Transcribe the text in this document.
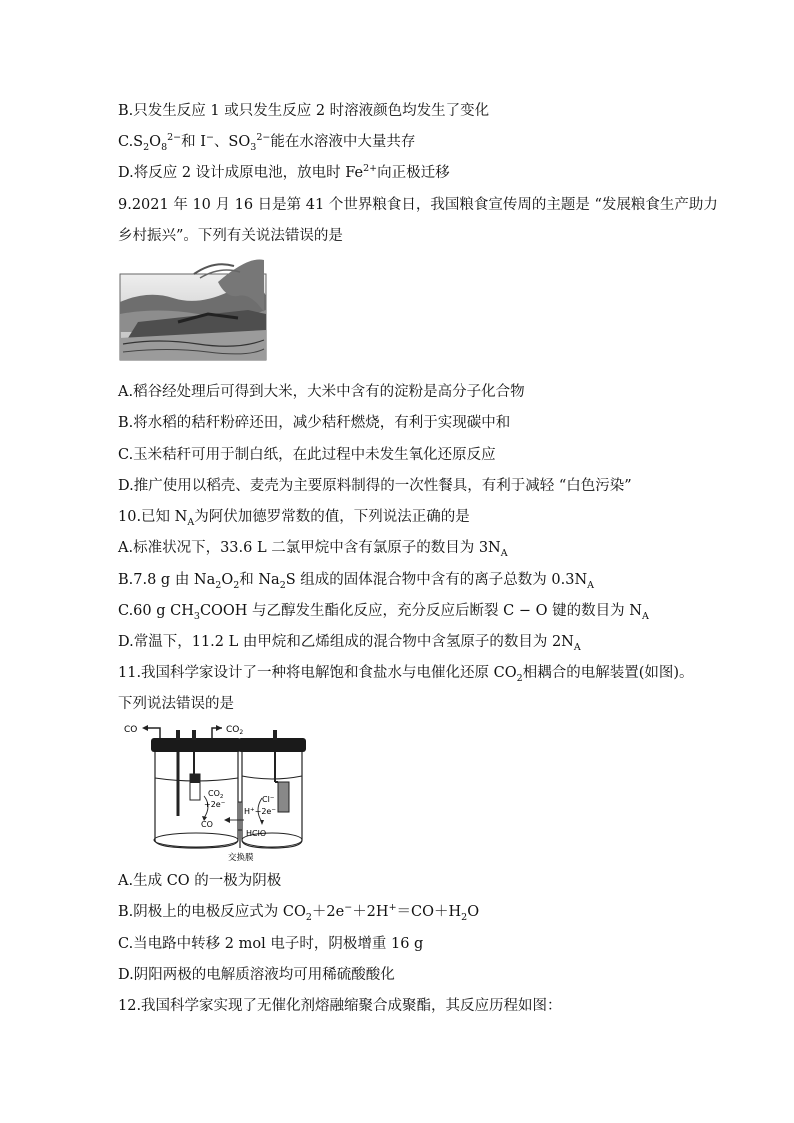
B.只发生反应 1 或只发生反应 2 时溶液颜色均发生了变化
$C.S_2O_8^{2-}$和 I−、$SO_3^{2-}$能在水溶液中大量共存
D.将反应 2 设计成原电池，放电时 $Fe^{2+}$向正极迁移
9.2021 年 10 月 16 日是第 41 个世界粮食日，我国粮食宣传周的主题是 “发展粮食生产助力
乡村振兴”。下列有关说法错误的是
A.稻谷经处理后可得到大米，大米中含有的淀粉是高分子化合物
B.将水稻的秸秆粉碎还田，减少秸秆燃烧，有利于实现碳中和
C.玉米秸秆可用于制白纸，在此过程中未发生氧化还原反应
D.推广使用以稻壳、麦壳为主要原料制得的一次性餐具，有利于减轻 “白色污染”
10.已知 $N_A$为阿伏加德罗常数的值，下列说法正确的是
A.标准状况下，33.6 L 二氯甲烷中含有氯原子的数目为 $3N_A$
B.7.8 g 由 $Na_2O_2$和 $Na_2S$ 组成的固体混合物中含有的离子总数为 $0.3N_A$
C.60 g $CH_3COOH$ 与乙醇发生酯化反应，充分反应后断裂 C − O 键的数目为 $N_A$
D.常温下，11.2 L 由甲烷和乙烯组成的混合物中含氢原子的数目为 $2N_A$
11.我国科学家设计了一种将电解饱和食盐水与电催化还原 $CO_2$相耦合的电解装置(如图)。
下列说法错误的是
A.生成 CO 的一极为阴极
B.阴极上的电极反应式为 $CO_2+2e^-+2H^+=CO+H_2O$
C.当电路中转移 2 mol 电子时，阴极增重 16 g
D.阴阳两极的电解质溶液均可用稀硫酸酸化
12.我国科学家实现了无催化剂熔融缩聚合成聚酯，其反应历程如图：
CO	$CO_2$
$CO_2$
+2e−
CO
Cl−
H+−2e−
HClO
交换膜
